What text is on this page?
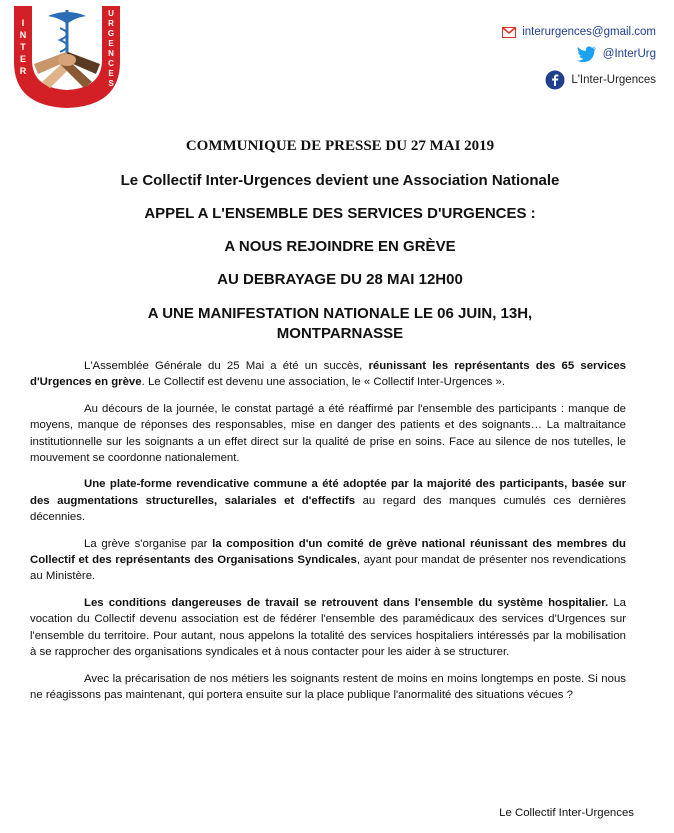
I
N
T
E
R
U
R
G
E
N
C
E
S
interurgences@gmail.com
@InterUrg
L'Inter-Urgences
COMMUNIQUE DE PRESSE DU 27 MAI 2019
Le Collectif Inter-Urgences devient une Association Nationale
APPEL A L'ENSEMBLE DES SERVICES D'URGENCES :
A NOUS REJOINDRE EN GRÈVE
AU DEBRAYAGE DU 28 MAI 12H00
A UNE MANIFESTATION NATIONALE LE 06 JUIN, 13H,
MONTPARNASSE

L'Assemblée Générale du 25 Mai a été un succès, réunissant les représentants des 65 services d'Urgences en grève. Le Collectif est devenu une association, le « Collectif Inter-Urgences ».

Au décours de la journée, le constat partagé a été réaffirmé par l'ensemble des participants : manque de moyens, manque de réponses des responsables, mise en danger des patients et des soignants… La maltraitance institutionnelle sur les soignants a un effet direct sur la qualité de prise en soins. Face au silence de nos tutelles, le mouvement se coordonne nationalement.

Une plate-forme revendicative commune a été adoptée par la majorité des participants, basée sur des augmentations structurelles, salariales et d'effectifs au regard des manques cumulés ces dernières décennies.

La grève s'organise par la composition d'un comité de grève national réunissant des membres du Collectif et des représentants des Organisations Syndicales, ayant pour mandat de présenter nos revendications au Ministère.

Les conditions dangereuses de travail se retrouvent dans l'ensemble du système hospitalier. La vocation du Collectif devenu association est de fédérer l'ensemble des paramédicaux des services d'Urgences sur l'ensemble du territoire. Pour autant, nous appelons la totalité des services hospitaliers intéressés par la mobilisation à se rapprocher des organisations syndicales et à nous contacter pour les aider à se structurer.

Avec la précarisation de nos métiers les soignants restent de moins en moins longtemps en poste. Si nous ne réagissons pas maintenant, qui portera ensuite sur la place publique l'anormalité des situations vécues ?

Le Collectif Inter-Urgences
